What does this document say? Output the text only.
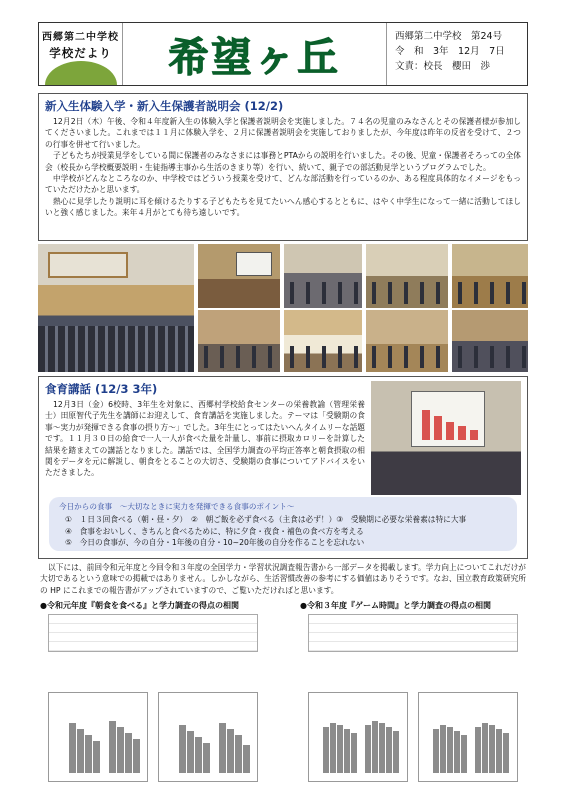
西郷第二中学校
学校だより 希望ヶ丘	西郷第二中学校　第24号
令　和　3年　12月　7日
文責：校長　櫻田　渉
新入生体験入学・新入生保護者説明会 (12/2)

12月2日（木）午後、令和４年度新入生の体験入学と保護者説明会を実施しました。７４名の児童のみなさんとその保護者様が参加してくださいました。これまでは１１月に体験入学を、２月に保護者説明会を実施しておりましたが、今年度は昨年の反省を受けて、２つの行事を併せて行いました。

子どもたちが授業見学をしている間に保護者のみなさまには事務とPTAからの説明を行いました。その後、児童・保護者そろっての全体会（校長から学校概要説明・生徒指導主事から生活のきまり等）を行い、続いて、親子での部活動見学というプログラムでした。

中学校がどんなところなのか、中学校ではどういう授業を受けて、どんな部活動を行っているのか、ある程度具体的なイメージをもっていただけたかと思います。

熱心に見学したり説明に耳を傾けるたりする子どもたちを見てたいへん感心するとともに、はやく中学生になって一緒に活動してほしいと強く感じました。来年４月がとても待ち遠しいです。

食育講話 (12/3 3年)

12月3日（金）6校時、3年生を対象に、西郷村学校給食センターの栄養教諭（管理栄養士）田原智代子先生を講師にお迎えして、食育講話を実施しました。テーマは「受験期の食事～実力が発揮できる食事の摂り方～」でした。3年生にとってはたいへんタイムリーな話題です。１１月３０日の給食で一人一人が食べた量を計量し、事前に摂取カロリーを計算した結果を踏まえての講話となりました。講話では、全国学力調査の平均正答率と朝食摂取の相関をデータを元に解説し、朝食をとることの大切さ、受験期の食事についてアドバイスをいただきました。

今日からの食事　～大切なときに実力を発揮できる食事のポイント～
①　１日３回食べる（朝・昼・夕）　②　朝ご飯を必ず食べる（主食は必ず！）③　受験期に必要な栄養素は特に大事
④　食事をおいしく、きちんと食べるために、特に夕食・夜食・補色の食べ方を考える
⑤　今日の食事が、今の自分・1年後の自分・10~20年後の自分を作ることを忘れない

以下には、前回令和元年度と今回令和３年度の全国学力・学習状況調査報告書から一部データを掲載します。学力向上についてこれだけが大切であるという意味での掲載ではありません。しかしながら、生活習慣改善の参考にする価値はありそうです。なお、国立教育政策研究所の HP にこれまでの報告書がアップされていますので、ご覧いただければと思います。

●令和元年度『朝食を食べる』と学力調査の得点の相関	●令和３年度『ゲーム時間』と学力調査の得点の相関
